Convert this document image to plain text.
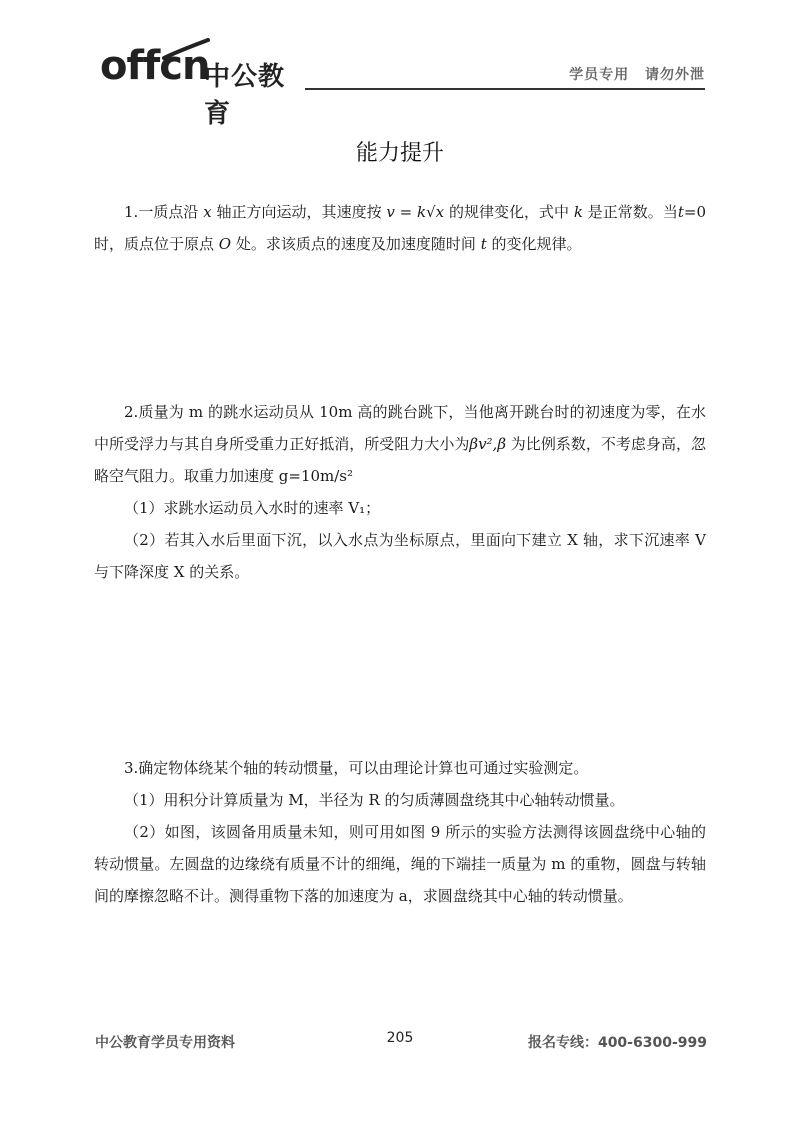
offcn
中公教育
学员专用 请勿外泄
能力提升

1.一质点沿 x 轴正方向运动，其速度按 v = k√x 的规律变化，式中 k 是正常数。当t=0 时，质点位于原点 O 处。求该质点的速度及加速度随时间 t 的变化规律。

2.质量为 m 的跳水运动员从 10m 高的跳台跳下，当他离开跳台时的初速度为零，在水中所受浮力与其自身所受重力正好抵消，所受阻力大小为βv²,β 为比例系数，不考虑身高，忽略空气阻力。取重力加速度 g=10m/s²

（1）求跳水运动员入水时的速率 V₁；

（2）若其入水后里面下沉，以入水点为坐标原点，里面向下建立 X 轴，求下沉速率 V 与下降深度 X 的关系。

3.确定物体绕某个轴的转动惯量，可以由理论计算也可通过实验测定。

（1）用积分计算质量为 M，半径为 R 的匀质薄圆盘绕其中心轴转动惯量。

（2）如图，该圆备用质量未知，则可用如图 9 所示的实验方法测得该圆盘绕中心轴的转动惯量。左圆盘的边缘绕有质量不计的细绳，绳的下端挂一质量为 m 的重物，圆盘与转轴间的摩擦忽略不计。测得重物下落的加速度为 a，求圆盘绕其中心轴的转动惯量。

中公教育学员专用资料	205	报名专线：400-6300-999
